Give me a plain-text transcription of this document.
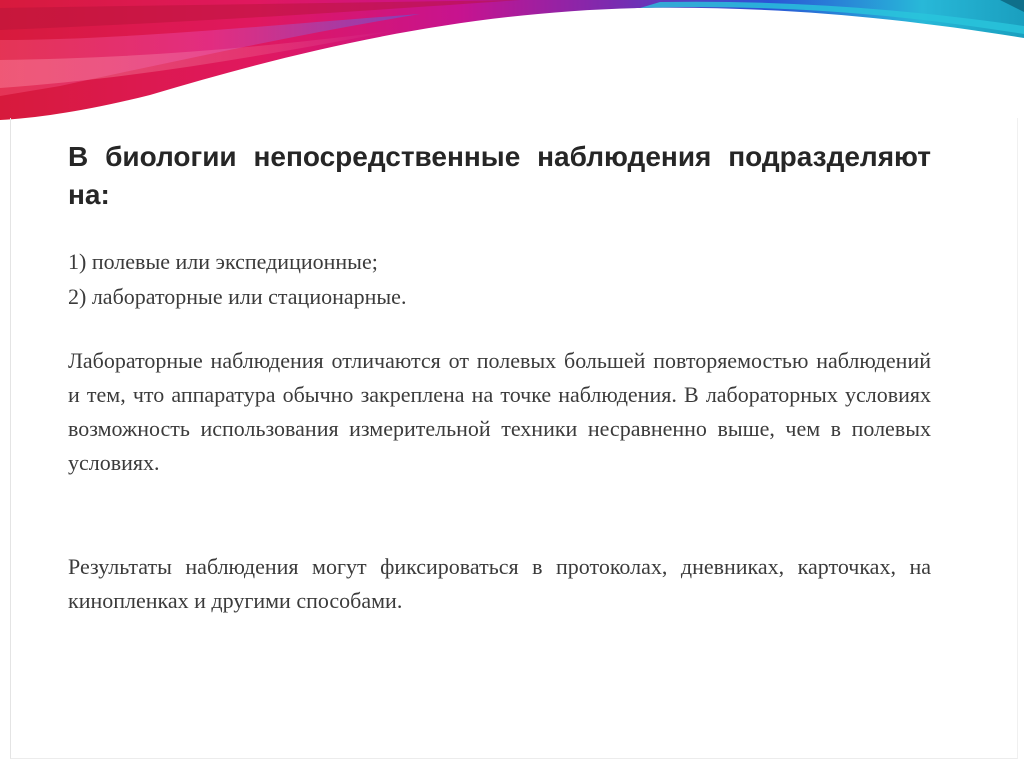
В биологии непосредственные наблюдения подразделяют на:

1) полевые или экспедиционные;
2) лабораторные или стационарные.

Лабораторные наблюдения отличаются от полевых большей повторяемостью наблюдений и тем, что аппаратура обычно закреплена на точке наблюдения. В лабораторных условиях возможность использования измерительной техники несравненно выше, чем в полевых условиях.

Результаты наблюдения могут фиксироваться в протоколах, дневниках, карточках, на кинопленках и другими способами.
